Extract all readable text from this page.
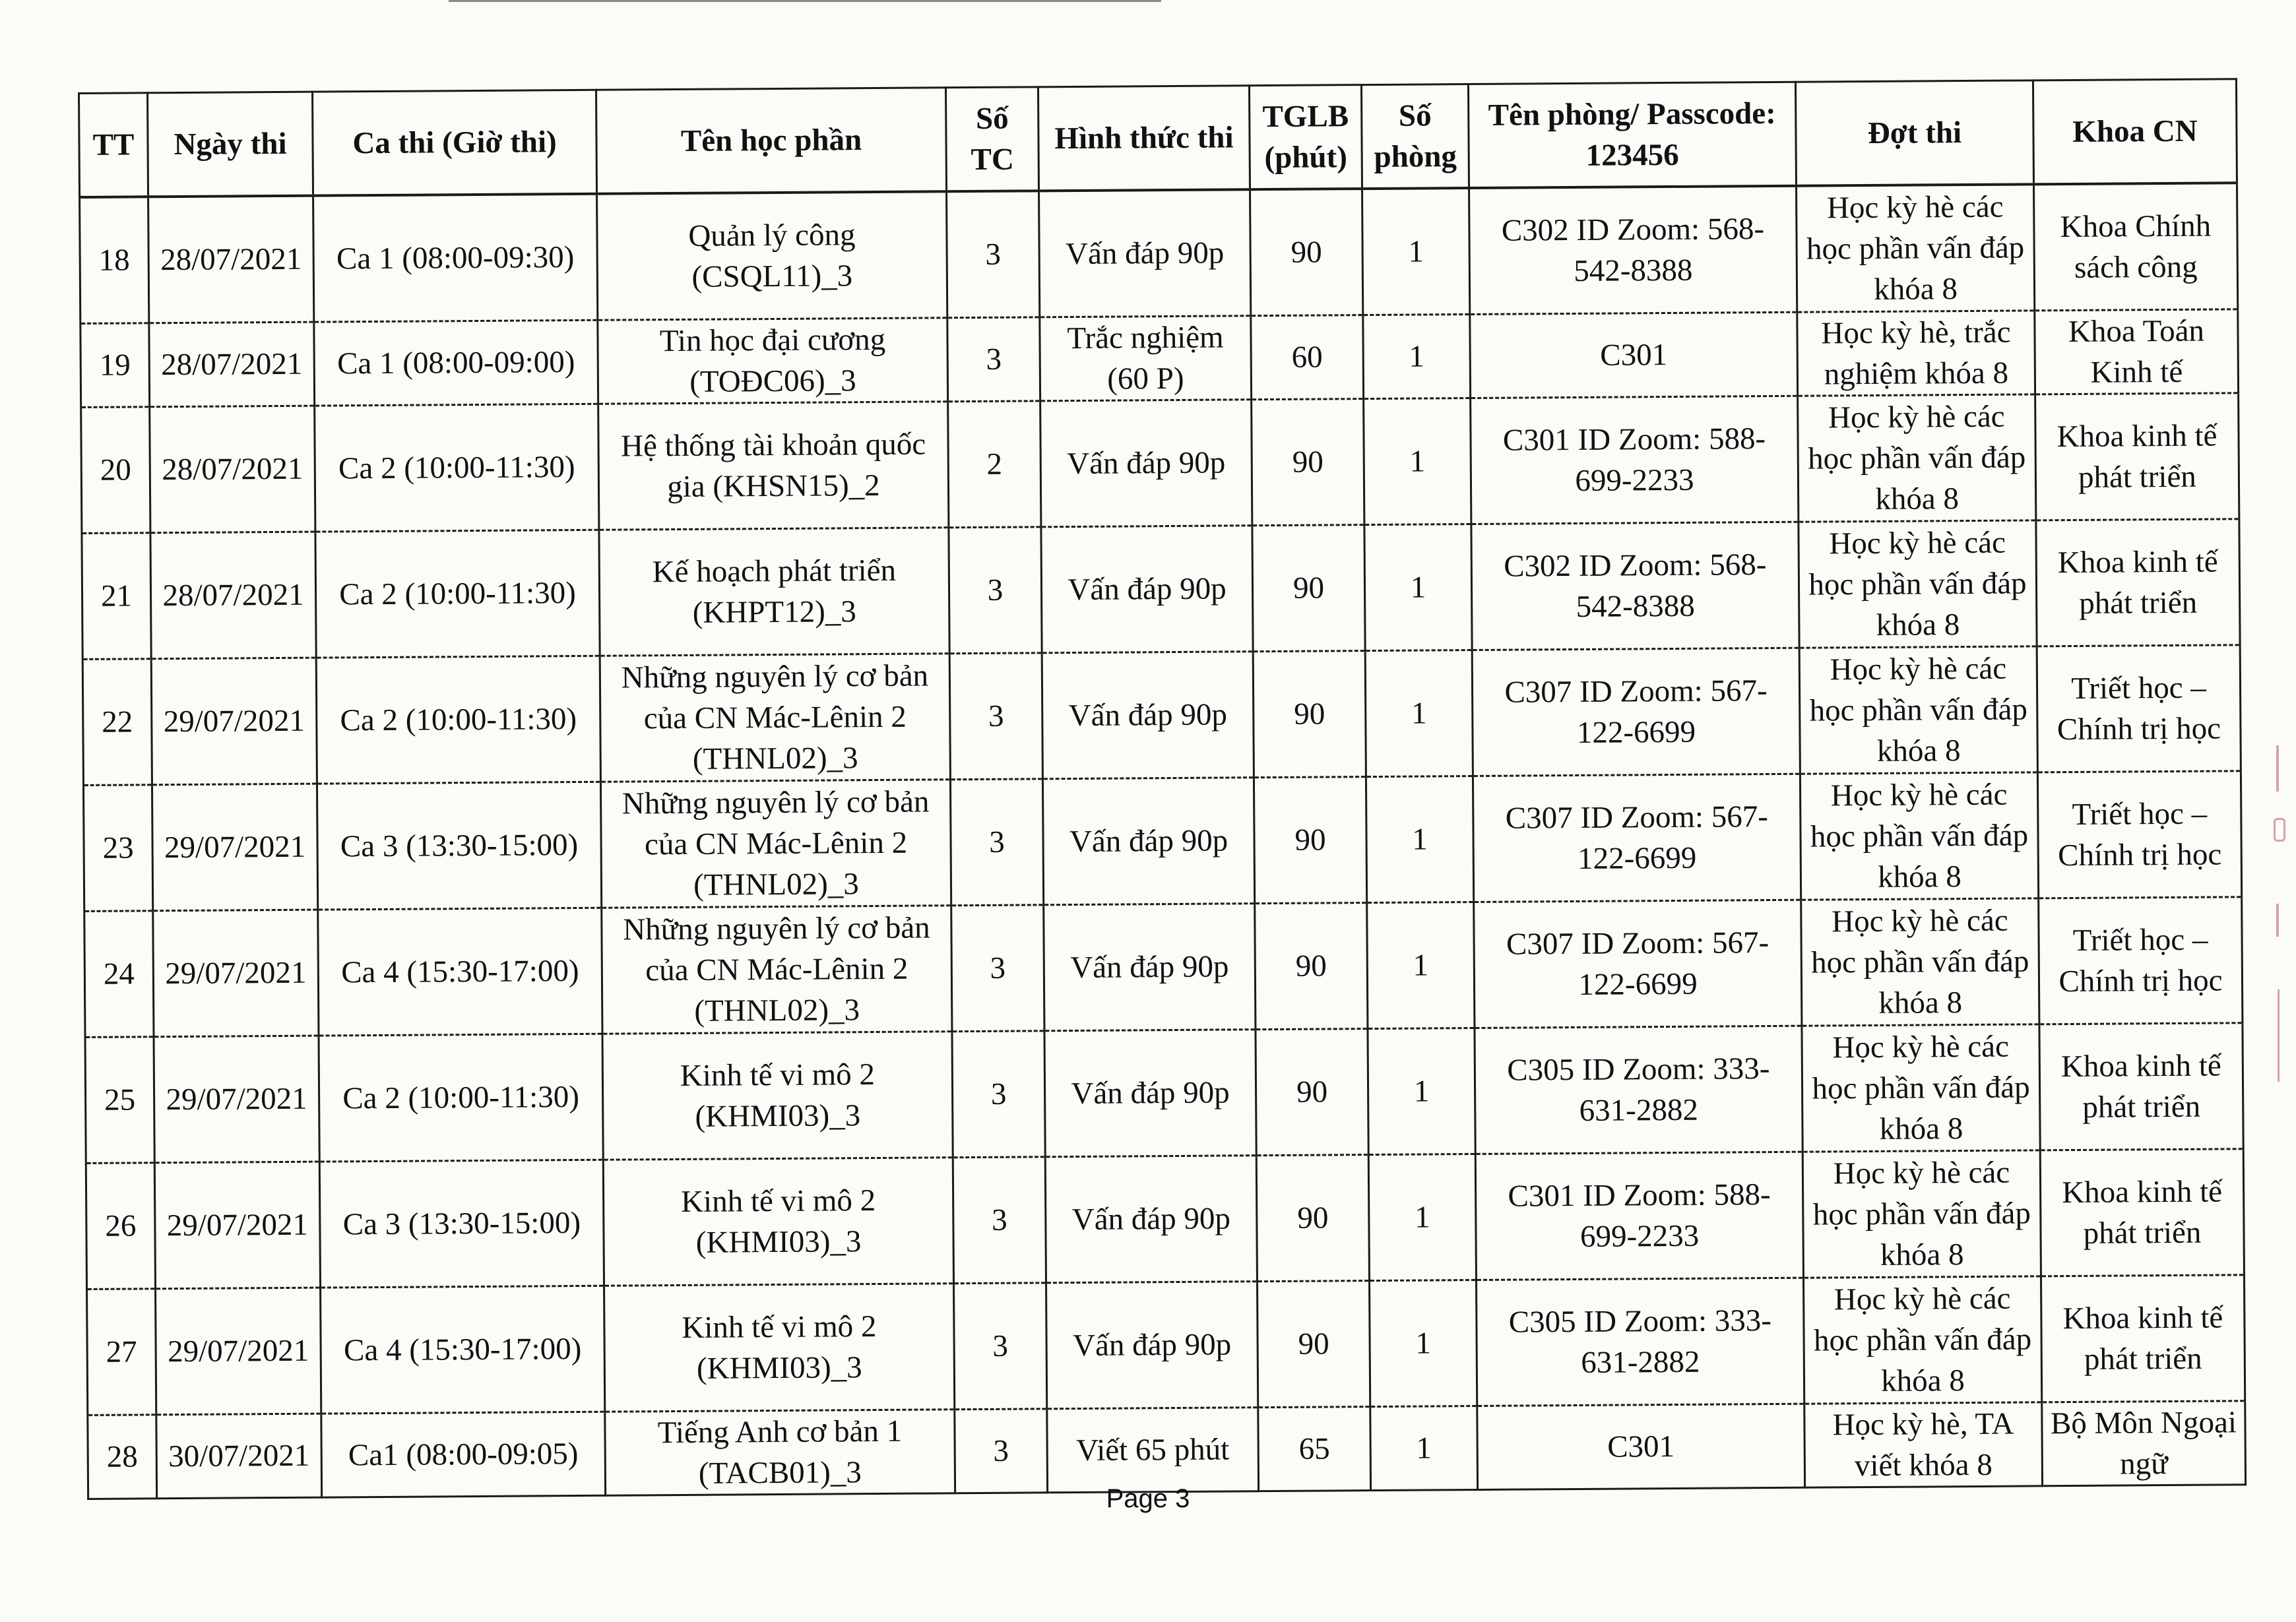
TT	Ngày thi	Ca thi (Giờ thi)	Tên học phần	Số TC	Hình thức thi	TGLB (phút)	Số phòng	Tên phòng/ Passcode: 123456	Đợt thi	Khoa CN
18	28/07/2021	Ca 1 (08:00-09:30)	Quản lý công (CSQL11)_3	3	Vấn đáp 90p	90	1	C302 ID Zoom: 568-542-8388	Học kỳ hè các học phần vấn đáp khóa 8	Khoa Chính sách công
19	28/07/2021	Ca 1 (08:00-09:00)	Tin học đại cương (TOĐC06)_3	3	Trắc nghiệm (60 P)	60	1	C301	Học kỳ hè, trắc nghiệm khóa 8	Khoa Toán Kinh tế
20	28/07/2021	Ca 2 (10:00-11:30)	Hệ thống tài khoản quốc gia (KHSN15)_2	2	Vấn đáp 90p	90	1	C301 ID Zoom: 588-699-2233	Học kỳ hè các học phần vấn đáp khóa 8	Khoa kinh tế phát triển
21	28/07/2021	Ca 2 (10:00-11:30)	Kế hoạch phát triển (KHPT12)_3	3	Vấn đáp 90p	90	1	C302 ID Zoom: 568-542-8388	Học kỳ hè các học phần vấn đáp khóa 8	Khoa kinh tế phát triển
22	29/07/2021	Ca 2 (10:00-11:30)	Những nguyên lý cơ bản của CN Mác-Lênin 2 (THNL02)_3	3	Vấn đáp 90p	90	1	C307 ID Zoom: 567-122-6699	Học kỳ hè các học phần vấn đáp khóa 8	Triết học – Chính trị học
23	29/07/2021	Ca 3 (13:30-15:00)	Những nguyên lý cơ bản của CN Mác-Lênin 2 (THNL02)_3	3	Vấn đáp 90p	90	1	C307 ID Zoom: 567-122-6699	Học kỳ hè các học phần vấn đáp khóa 8	Triết học – Chính trị học
24	29/07/2021	Ca 4 (15:30-17:00)	Những nguyên lý cơ bản của CN Mác-Lênin 2 (THNL02)_3	3	Vấn đáp 90p	90	1	C307 ID Zoom: 567-122-6699	Học kỳ hè các học phần vấn đáp khóa 8	Triết học – Chính trị học
25	29/07/2021	Ca 2 (10:00-11:30)	Kinh tế vi mô 2 (KHMI03)_3	3	Vấn đáp 90p	90	1	C305 ID Zoom: 333-631-2882	Học kỳ hè các học phần vấn đáp khóa 8	Khoa kinh tế phát triển
26	29/07/2021	Ca 3 (13:30-15:00)	Kinh tế vi mô 2 (KHMI03)_3	3	Vấn đáp 90p	90	1	C301 ID Zoom: 588-699-2233	Học kỳ hè các học phần vấn đáp khóa 8	Khoa kinh tế phát triển
27	29/07/2021	Ca 4 (15:30-17:00)	Kinh tế vi mô 2 (KHMI03)_3	3	Vấn đáp 90p	90	1	C305 ID Zoom: 333-631-2882	Học kỳ hè các học phần vấn đáp khóa 8	Khoa kinh tế phát triển
28	30/07/2021	Ca1 (08:00-09:05)	Tiếng Anh cơ bản 1 (TACB01)_3	3	Viết 65 phút	65	1	C301	Học kỳ hè, TA viết khóa 8	Bộ Môn Ngoại ngữ
Page 3
